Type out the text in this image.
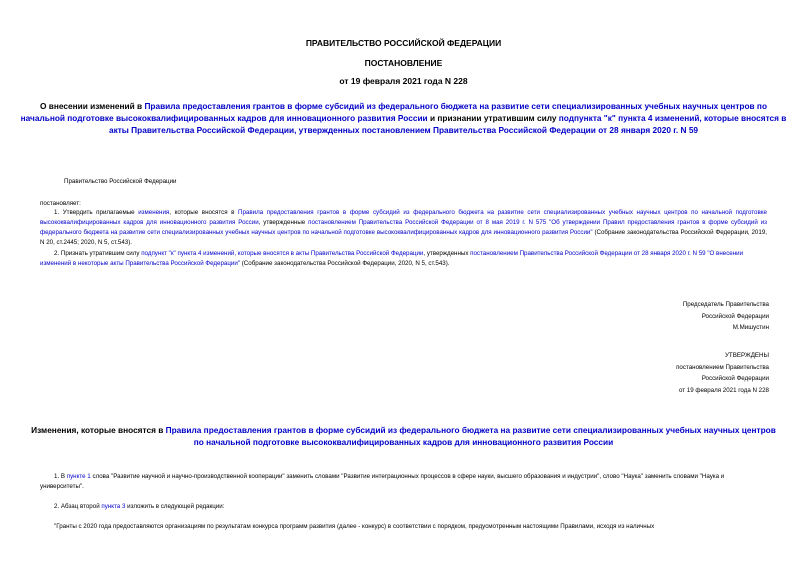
ПРАВИТЕЛЬСТВО РОССИЙСКОЙ ФЕДЕРАЦИИ
ПОСТАНОВЛЕНИЕ
от 19 февраля 2021 года N 228
О внесении изменений в Правила предоставления грантов в форме субсидий из федерального бюджета на развитие сети специализированных учебных научных центров по начальной подготовке высококвалифицированных кадров для инновационного развития России и признании утратившим силу подпункта "к" пункта 4 изменений, которые вносятся в акты Правительства Российской Федерации, утвержденных постановлением Правительства Российской Федерации от 28 января 2020 г. N 59
Правительство Российской Федерации
постановляет:
1. Утвердить прилагаемые изменения, которые вносятся в Правила предоставления грантов в форме субсидий из федерального бюджета на развитие сети специализированных учебных научных центров по начальной подготовке высококвалифицированных кадров для инновационного развития России, утвержденные постановлением Правительства Российской Федерации от 8 мая 2019 г. N 575 "Об утверждении Правил предоставления грантов в форме субсидий из федерального бюджета на развитие сети специализированных учебных научных центров по начальной подготовке высококвалифицированных кадров для инновационного развития России" (Собрание законодательства Российской Федерации, 2019, N 20, ст.2445; 2020, N 5, ст.543).
2. Признать утратившим силу подпункт "к" пункта 4 изменений, которые вносятся в акты Правительства Российской Федерации, утвержденных постановлением Правительства Российской Федерации от 28 января 2020 г. N 59 "О внесении изменений в некоторые акты Правительства Российской Федерации" (Собрание законодательства Российской Федерации, 2020, N 5, ст.543).
Председатель Правительства
Российской Федерации
М.Мишустин
УТВЕРЖДЕНЫ
постановлением Правительства
Российской Федерации
от 19 февраля 2021 года N 228
Изменения, которые вносятся в Правила предоставления грантов в форме субсидий из федерального бюджета на развитие сети специализированных учебных научных центров по начальной подготовке высококвалифицированных кадров для инновационного развития России
1. В пункте 1 слова "Развитие научной и научно-производственной кооперации" заменить словами "Развитие интеграционных процессов в сфере науки, высшего образования и индустрии", слово "Наука" заменить словами "Наука и университеты".
2. Абзац второй пункта 3 изложить в следующей редакции:
"Гранты с 2020 года предоставляются организациям по результатам конкурса программ развития (далее - конкурс) в соответствии с порядком, предусмотренным настоящими Правилами, исходя из наличных
